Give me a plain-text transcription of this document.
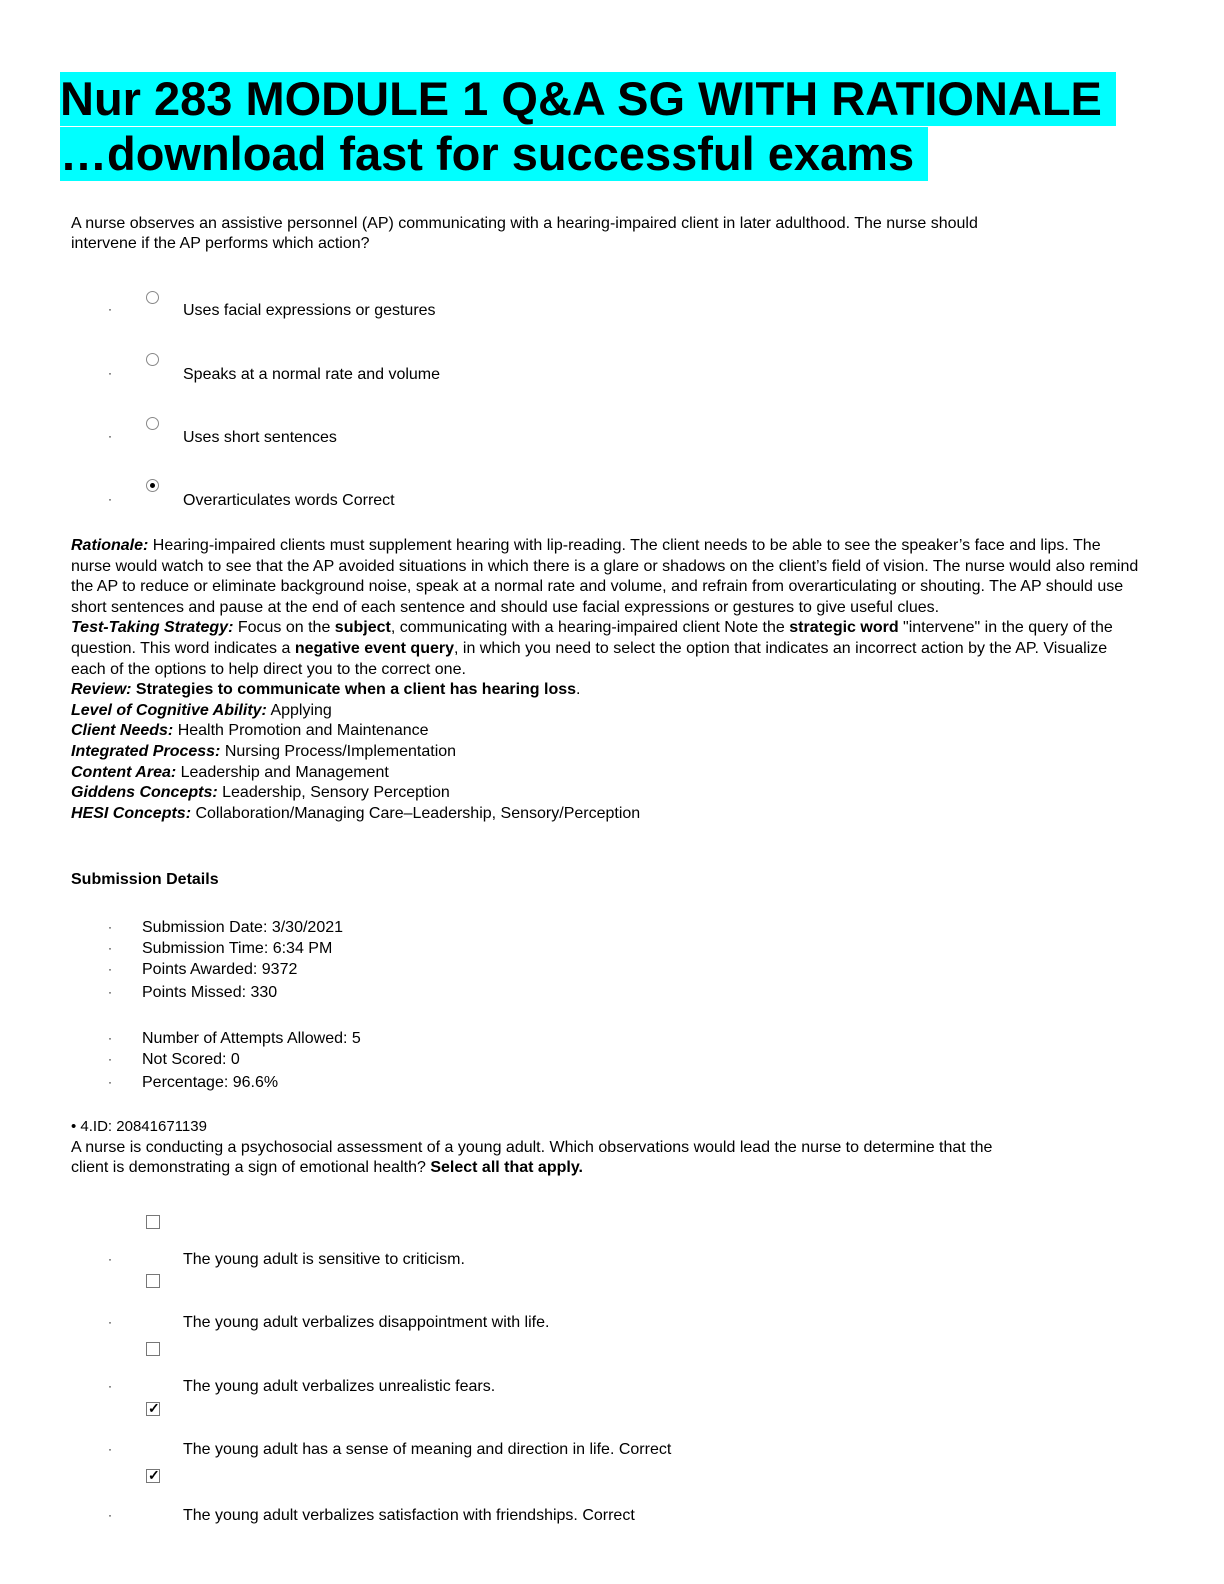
Nur 283 MODULE 1 Q&A SG WITH RATIONALE
…download fast for successful exams
A nurse observes an assistive personnel (AP) communicating with a hearing-impaired client in later adulthood. The nurse should
intervene if the AP performs which action?
·	Uses facial expressions or gestures
·	Speaks at a normal rate and volume
·	Uses short sentences
·	Overarticulates words Correct
Rationale: Hearing-impaired clients must supplement hearing with lip-reading. The client needs to be able to see the speaker’s face and lips. The nurse would watch to see that the AP avoided situations in which there is a glare or shadows on the client’s field of vision. The nurse would also remind the AP to reduce or eliminate background noise, speak at a normal rate and volume, and refrain from overarticulating or shouting. The AP should use short sentences and pause at the end of each sentence and should use facial expressions or gestures to give useful clues.
Test-Taking Strategy: Focus on the subject, communicating with a hearing-impaired client Note the strategic word "intervene" in the query of the question. This word indicates a negative event query, in which you need to select the option that indicates an incorrect action by the AP. Visualize each of the options to help direct you to the correct one.
Review: Strategies to communicate when a client has hearing loss.
Level of Cognitive Ability: Applying
Client Needs: Health Promotion and Maintenance
Integrated Process: Nursing Process/Implementation
Content Area: Leadership and Management
Giddens Concepts: Leadership, Sensory Perception
HESI Concepts: Collaboration/Managing Care–Leadership, Sensory/Perception
Submission Details
· Submission Date: 3/30/2021
· Submission Time: 6:34 PM
· Points Awarded: 9372
· Points Missed: 330
· Number of Attempts Allowed: 5
· Not Scored: 0
· Percentage: 96.6%
• 4.ID: 20841671139
A nurse is conducting a psychosocial assessment of a young adult. Which observations would lead the nurse to determine that the
client is demonstrating a sign of emotional health? Select all that apply.
·	The young adult is sensitive to criticism.
·	The young adult verbalizes disappointment with life.
·	The young adult verbalizes unrealistic fears.
✓
·	The young adult has a sense of meaning and direction in life. Correct
✓
·	The young adult verbalizes satisfaction with friendships. Correct
